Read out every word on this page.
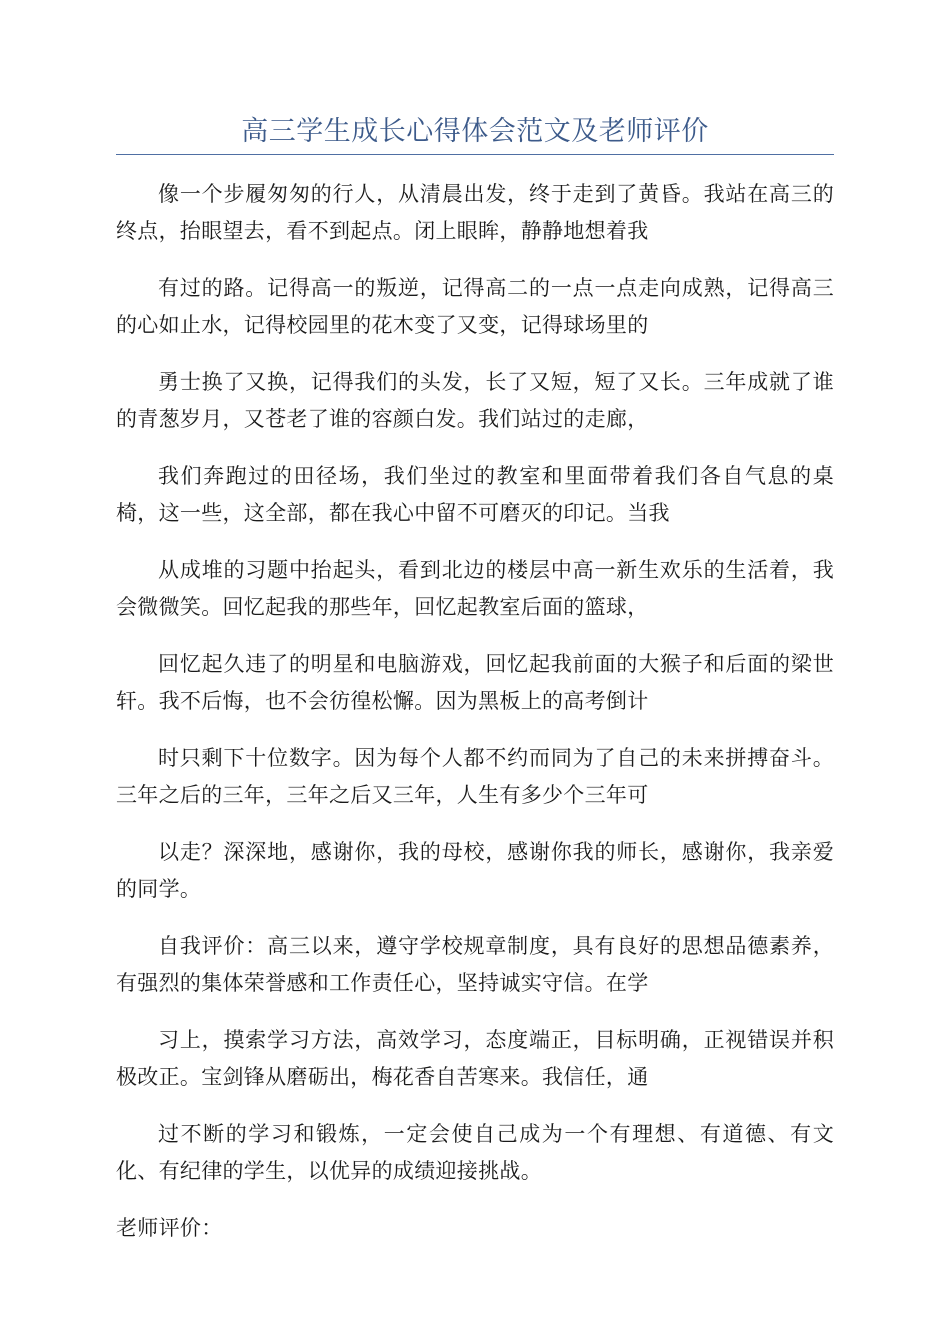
高三学生成长心得体会范文及老师评价

像一个步履匆匆的行人，从清晨出发，终于走到了黄昏。我站在高三的终点，抬眼望去，看不到起点。闭上眼眸，静静地想着我

有过的路。记得高一的叛逆，记得高二的一点一点走向成熟，记得高三的心如止水，记得校园里的花木变了又变，记得球场里的

勇士换了又换，记得我们的头发，长了又短，短了又长。三年成就了谁的青葱岁月，又苍老了谁的容颜白发。我们站过的走廊，

我们奔跑过的田径场，我们坐过的教室和里面带着我们各自气息的桌椅，这一些，这全部，都在我心中留不可磨灭的印记。当我

从成堆的习题中抬起头，看到北边的楼层中高一新生欢乐的生活着，我会微微笑。回忆起我的那些年，回忆起教室后面的篮球，

回忆起久违了的明星和电脑游戏，回忆起我前面的大猴子和后面的梁世轩。我不后悔，也不会彷徨松懈。因为黑板上的高考倒计

时只剩下十位数字。因为每个人都不约而同为了自己的未来拼搏奋斗。三年之后的三年，三年之后又三年，人生有多少个三年可

以走？深深地，感谢你，我的母校，感谢你我的师长，感谢你，我亲爱的同学。

自我评价：高三以来，遵守学校规章制度，具有良好的思想品德素养，有强烈的集体荣誉感和工作责任心，坚持诚实守信。在学

习上，摸索学习方法，高效学习，态度端正，目标明确，正视错误并积极改正。宝剑锋从磨砺出，梅花香自苦寒来。我信任，通

过不断的学习和锻炼，一定会使自己成为一个有理想、有道德、有文化、有纪律的学生，以优异的成绩迎接挑战。

老师评价：
